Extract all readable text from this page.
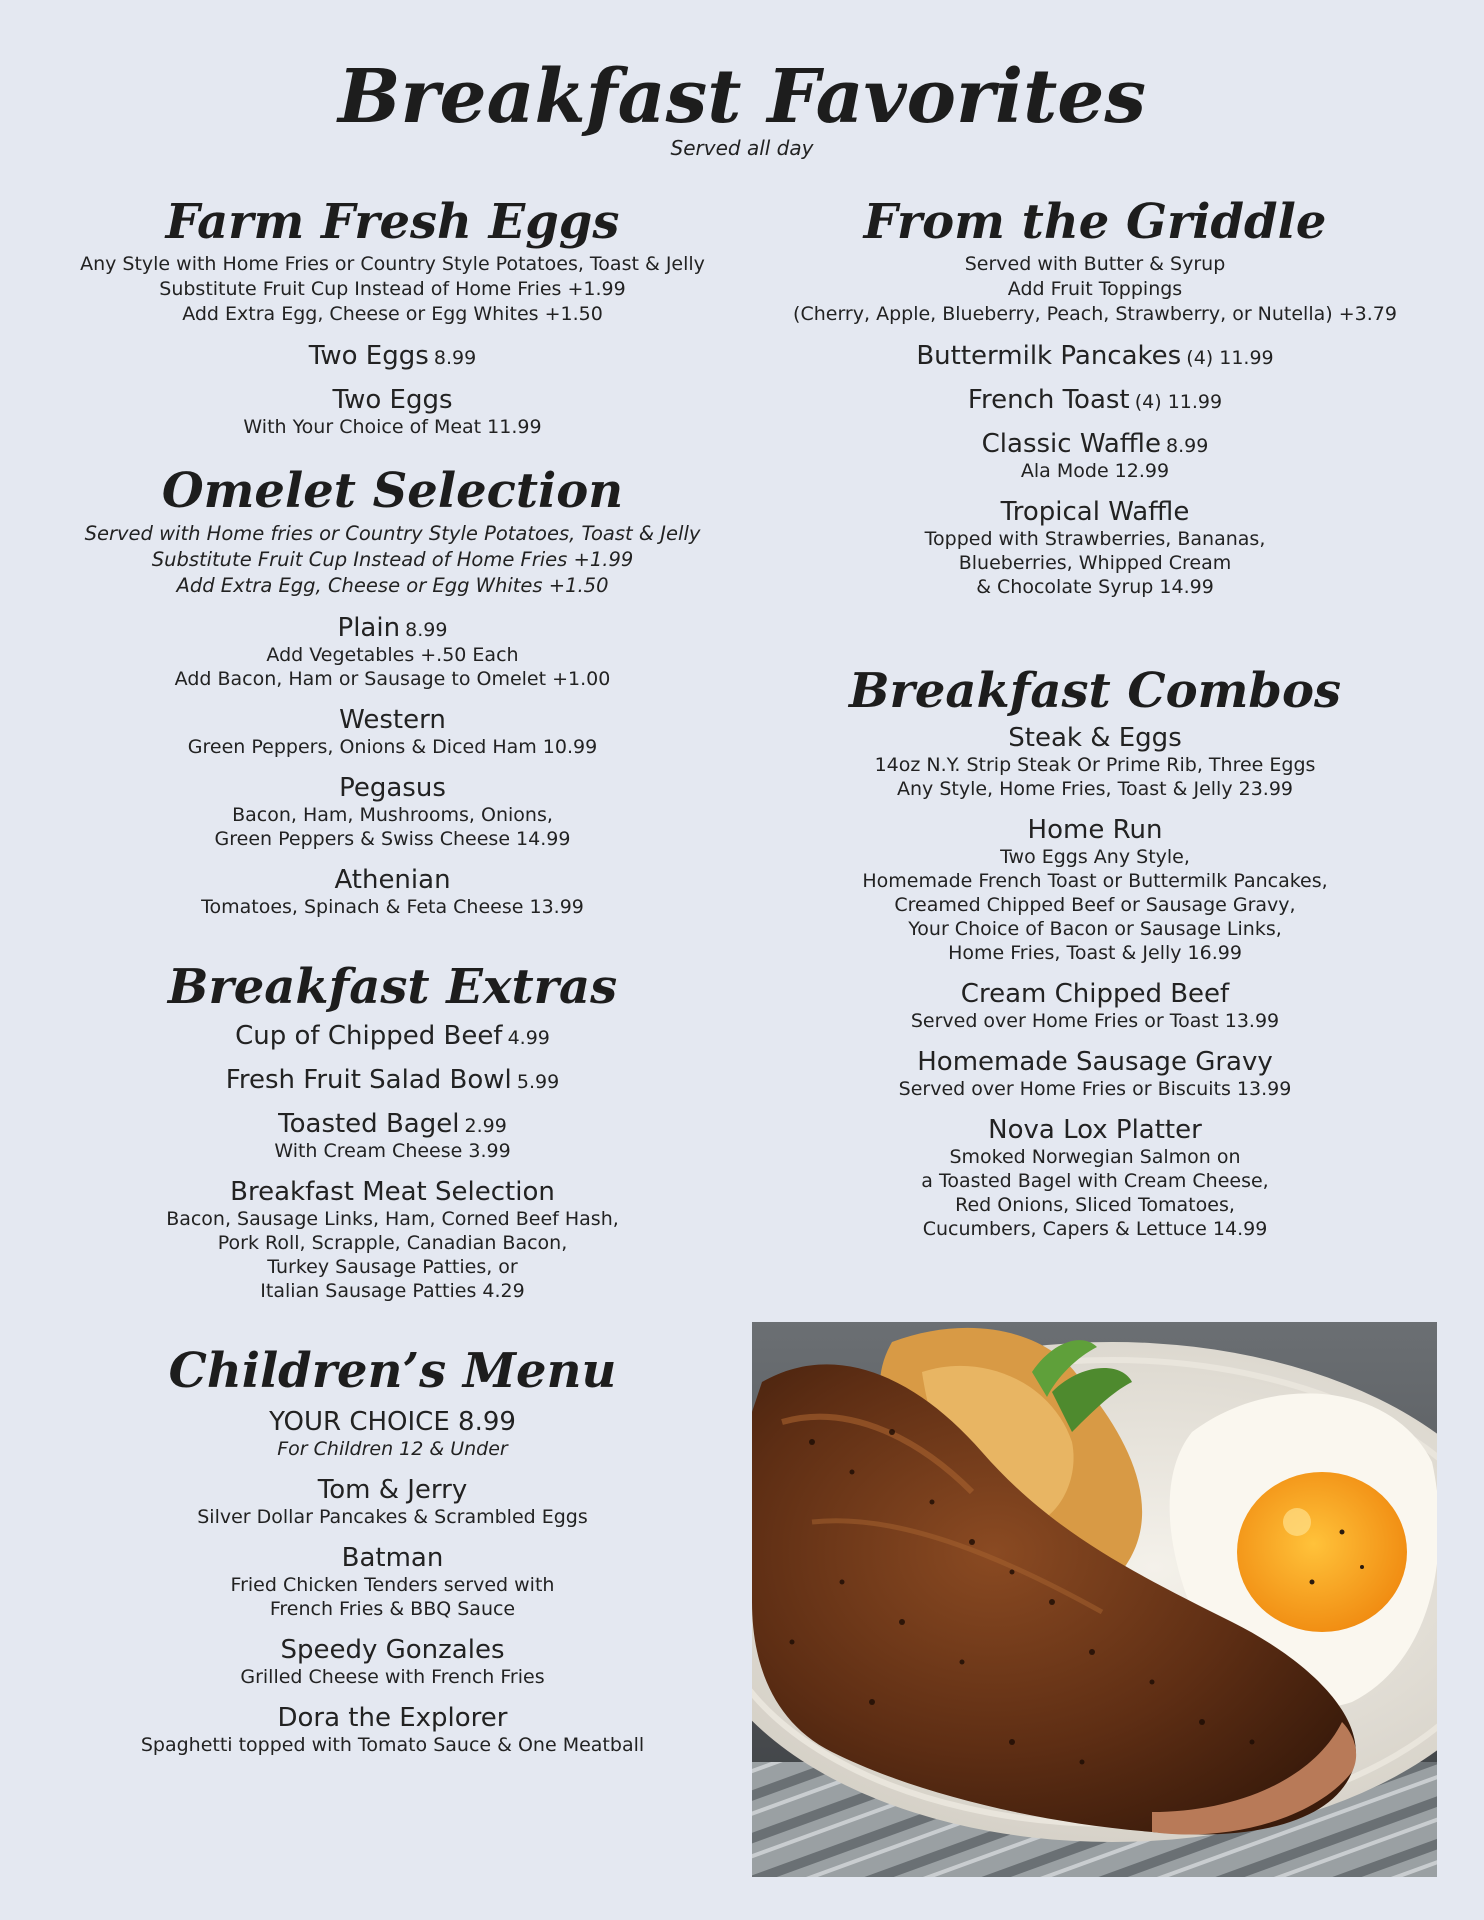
Breakfast Favorites
Served all day
Farm Fresh Eggs
Any Style with Home Fries or Country Style Potatoes, Toast & Jelly
Substitute Fruit Cup Instead of Home Fries +1.99
Add Extra Egg, Cheese or Egg Whites +1.50
Two Eggs 8.99
Two Eggs
With Your Choice of Meat 11.99
Omelet Selection
Served with Home fries or Country Style Potatoes, Toast & Jelly
Substitute Fruit Cup Instead of Home Fries +1.99
Add Extra Egg, Cheese or Egg Whites +1.50
Plain 8.99
Add Vegetables +.50 Each
Add Bacon, Ham or Sausage to Omelet +1.00
Western
Green Peppers, Onions & Diced Ham 10.99
Pegasus
Bacon, Ham, Mushrooms, Onions,
Green Peppers & Swiss Cheese 14.99
Athenian
Tomatoes, Spinach & Feta Cheese 13.99
Breakfast Extras
Cup of Chipped Beef 4.99
Fresh Fruit Salad Bowl 5.99
Toasted Bagel 2.99
With Cream Cheese 3.99
Breakfast Meat Selection
Bacon, Sausage Links, Ham, Corned Beef Hash,
Pork Roll, Scrapple, Canadian Bacon,
Turkey Sausage Patties, or
Italian Sausage Patties 4.29
Children’s Menu
YOUR CHOICE 8.99
For Children 12 & Under
Tom & Jerry
Silver Dollar Pancakes & Scrambled Eggs
Batman
Fried Chicken Tenders served with
French Fries & BBQ Sauce
Speedy Gonzales
Grilled Cheese with French Fries
Dora the Explorer
Spaghetti topped with Tomato Sauce & One Meatball
From the Griddle
Served with Butter & Syrup
Add Fruit Toppings
(Cherry, Apple, Blueberry, Peach, Strawberry, or Nutella) +3.79
Buttermilk Pancakes (4) 11.99
French Toast (4) 11.99
Classic Waffle 8.99
Ala Mode 12.99
Tropical Waffle
Topped with Strawberries, Bananas,
Blueberries, Whipped Cream
& Chocolate Syrup 14.99
Breakfast Combos
Steak & Eggs
14oz N.Y. Strip Steak Or Prime Rib, Three Eggs
Any Style, Home Fries, Toast & Jelly 23.99
Home Run
Two Eggs Any Style,
Homemade French Toast or Buttermilk Pancakes,
Creamed Chipped Beef or Sausage Gravy,
Your Choice of Bacon or Sausage Links,
Home Fries, Toast & Jelly 16.99
Cream Chipped Beef
Served over Home Fries or Toast 13.99
Homemade Sausage Gravy
Served over Home Fries or Biscuits 13.99
Nova Lox Platter
Smoked Norwegian Salmon on
a Toasted Bagel with Cream Cheese,
Red Onions, Sliced Tomatoes,
Cucumbers, Capers & Lettuce 14.99
